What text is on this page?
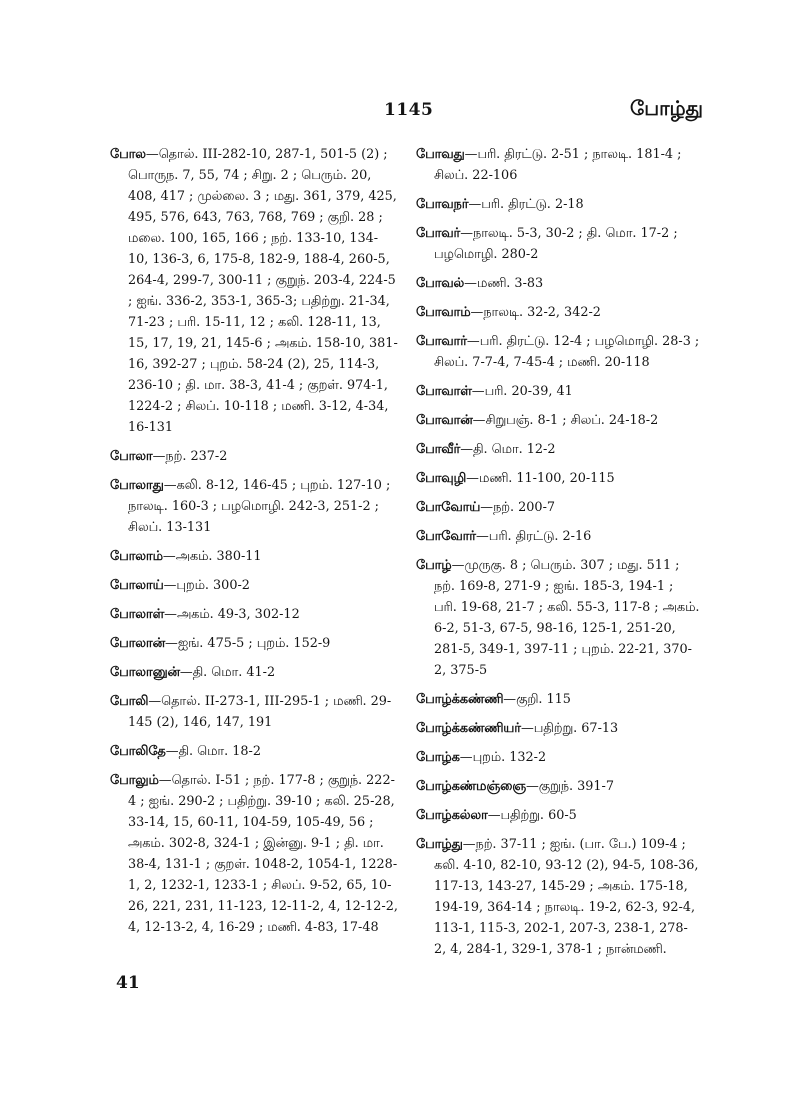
1145	போழ்து

போல—தொல். III-282-10, 287-1, 501-5 (2) ; பொருந. 7, 55, 74 ; சிறு. 2 ; பெரும். 20, 408, 417 ; முல்லை. 3 ; மது. 361, 379, 425, 495, 576, 643, 763, 768, 769 ; குறி. 28 ; மலை. 100, 165, 166 ; நற். 133-10, 134-10, 136-3, 6, 175-8, 182-9, 188-4, 260-5, 264-4, 299-7, 300-11 ; குறுந். 203-4, 224-5 ; ஐங். 336-2, 353-1, 365-3; பதிற்று. 21-34, 71-23 ; பரி. 15-11, 12 ; கலி. 128-11, 13, 15, 17, 19, 21, 145-6 ; அகம். 158-10, 381-16, 392-27 ; புறம். 58-24 (2), 25, 114-3, 236-10 ; தி. மா. 38-3, 41-4 ; குறள். 974-1, 1224-2 ; சிலப். 10-118 ; மணி. 3-12, 4-34, 16-131

போலா—நற். 237-2

போலாது—கலி. 8-12, 146-45 ; புறம். 127-10 ; நாலடி. 160-3 ; பழமொழி. 242-3, 251-2 ; சிலப். 13-131

போலாம்—அகம். 380-11

போலாய்—புறம். 300-2

போலாள்—அகம். 49-3, 302-12

போலான்—ஐங். 475-5 ; புறம். 152-9

போலானுன்—தி. மொ. 41-2

போலி—தொல். II-273-1, III-295-1 ; மணி. 29-145 (2), 146, 147, 191

போலிதே—தி. மொ. 18-2

போலும்—தொல். I-51 ; நற். 177-8 ; குறுந். 222-4 ; ஐங். 290-2 ; பதிற்று. 39-10 ; கலி. 25-28, 33-14, 15, 60-11, 104-59, 105-49, 56 ; அகம். 302-8, 324-1 ; இன்னு. 9-1 ; தி. மா. 38-4, 131-1 ; குறள். 1048-2, 1054-1, 1228-1, 2, 1232-1, 1233-1 ; சிலப். 9-52, 65, 10-26, 221, 231, 11-123, 12-11-2, 4, 12-12-2, 4, 12-13-2, 4, 16-29 ; மணி. 4-83, 17-48

போவது—பரி. திரட்டு. 2-51 ; நாலடி. 181-4 ; சிலப். 22-106

போவநர்—பரி. திரட்டு. 2-18

போவர்—நாலடி. 5-3, 30-2 ; தி. மொ. 17-2 ; பழமொழி. 280-2

போவல்—மணி. 3-83

போவாம்—நாலடி. 32-2, 342-2

போவார்—பரி. திரட்டு. 12-4 ; பழமொழி. 28-3 ; சிலப். 7-7-4, 7-45-4 ; மணி. 20-118

போவாள்—பரி. 20-39, 41

போவான்—சிறுபஞ். 8-1 ; சிலப். 24-18-2

போவீர்—தி. மொ. 12-2

போவுழி—மணி. 11-100, 20-115

போவோய்—நற். 200-7

போவோர்—பரி. திரட்டு. 2-16

போழ்—முருகு. 8 ; பெரும். 307 ; மது. 511 ; நற். 169-8, 271-9 ; ஐங். 185-3, 194-1 ; பரி. 19-68, 21-7 ; கலி. 55-3, 117-8 ; அகம். 6-2, 51-3, 67-5, 98-16, 125-1, 251-20, 281-5, 349-1, 397-11 ; புறம். 22-21, 370-2, 375-5

போழ்க்கண்ணி—குறி. 115

போழ்க்கண்ணியர்—பதிற்று. 67-13

போழ்க—புறம். 132-2

போழ்கண்மஞ்ஞை—குறுந். 391-7

போழ்கல்லா—பதிற்று. 60-5

போழ்து—நற். 37-11 ; ஐங். (பா. பே.) 109-4 ; கலி. 4-10, 82-10, 93-12 (2), 94-5, 108-36, 117-13, 143-27, 145-29 ; அகம். 175-18, 194-19, 364-14 ; நாலடி. 19-2, 62-3, 92-4, 113-1, 115-3, 202-1, 207-3, 238-1, 278-2, 4, 284-1, 329-1, 378-1 ; நான்மணி.

41
